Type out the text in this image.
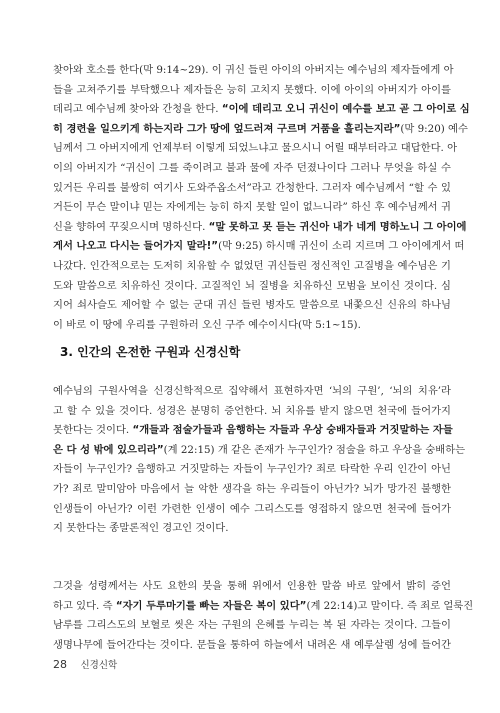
찾아와 호소를 한다(막 9:14~29). 이 귀신 들린 아이의 아버지는 예수님의 제자들에게 아
들을 고쳐주기를 부탁했으나 제자들은 능히 고치지 못했다. 이에 아이의 아버지가 아이를
데리고 예수님께 찾아와 간청을 한다. “이에 데리고 오니 귀신이 예수를 보고 곧 그 아이로 심
히 경련을 일으키게 하는지라 그가 땅에 엎드러져 구르며 거품을 흘리는지라”(막 9:20) 예수
님께서 그 아버지에게 언제부터 이렇게 되었느냐고 물으시니 어릴 때부터라고 대답한다. 아
이의 아버지가 “귀신이 그를 죽이려고 불과 물에 자주 던졌나이다 그러나 무엇을 하실 수
있거든 우리를 불쌍히 여기사 도와주옵소서”라고 간청한다. 그러자 예수님께서 “할 수 있
거든이 무슨 말이냐 믿는 자에게는 능히 하지 못할 일이 없느니라” 하신 후 예수님께서 귀
신을 향하여 꾸짖으시며 명하신다. “말 못하고 못 듣는 귀신아 내가 네게 명하노니 그 아이에
게서 나오고 다시는 들어가지 말라!”(막 9:25) 하시매 귀신이 소리 지르며 그 아이에게서 떠
나갔다. 인간적으로는 도저히 치유할 수 없었던 귀신들린 정신적인 고질병을 예수님은 기
도와 말씀으로 치유하신 것이다. 고질적인 뇌 질병을 치유하신 모범을 보이신 것이다. 심
지어 쇠사슬도 제어할 수 없는 군대 귀신 들린 병자도 말씀으로 내쫓으신 신유의 하나님
이 바로 이 땅에 우리를 구원하러 오신 구주 예수이시다(막 5:1~15).
3. 인간의 온전한 구원과 신경신학
예수님의 구원사역을 신경신학적으로 집약해서 표현하자면 ‘뇌의 구원’, ‘뇌의 치유’라
고 할 수 있을 것이다. 성경은 분명히 증언한다. 뇌 치유를 받지 않으면 천국에 들어가지
못한다는 것이다. “개들과 점술가들과 음행하는 자들과 우상 숭배자들과 거짓말하는 자들
은 다 성 밖에 있으리라”(계 22:15) 개 같은 존재가 누구인가? 점술을 하고 우상을 숭배하는
자들이 누구인가? 음행하고 거짓말하는 자들이 누구인가? 죄로 타락한 우리 인간이 아닌
가? 죄로 말미암아 마음에서 늘 악한 생각을 하는 우리들이 아닌가? 뇌가 망가진 불행한
인생들이 아닌가? 이런 가련한 인생이 예수 그리스도를 영접하지 않으면 천국에 들어가
지 못한다는 종말론적인 경고인 것이다.
그것을 성령께서는 사도 요한의 붓을 통해 위에서 인용한 말씀 바로 앞에서 밝히 증언
하고 있다. 즉 “자기 두루마기를 빠는 자들은 복이 있다”(계 22:14)고 말이다. 즉 죄로 얼룩진
남루를 그리스도의 보혈로 씻은 자는 구원의 은혜를 누리는 복 된 자라는 것이다. 그들이
생명나무에 들어간다는 것이다. 문들을 통하여 하늘에서 내려온 새 예루살렘 성에 들어간
28 신경신학
